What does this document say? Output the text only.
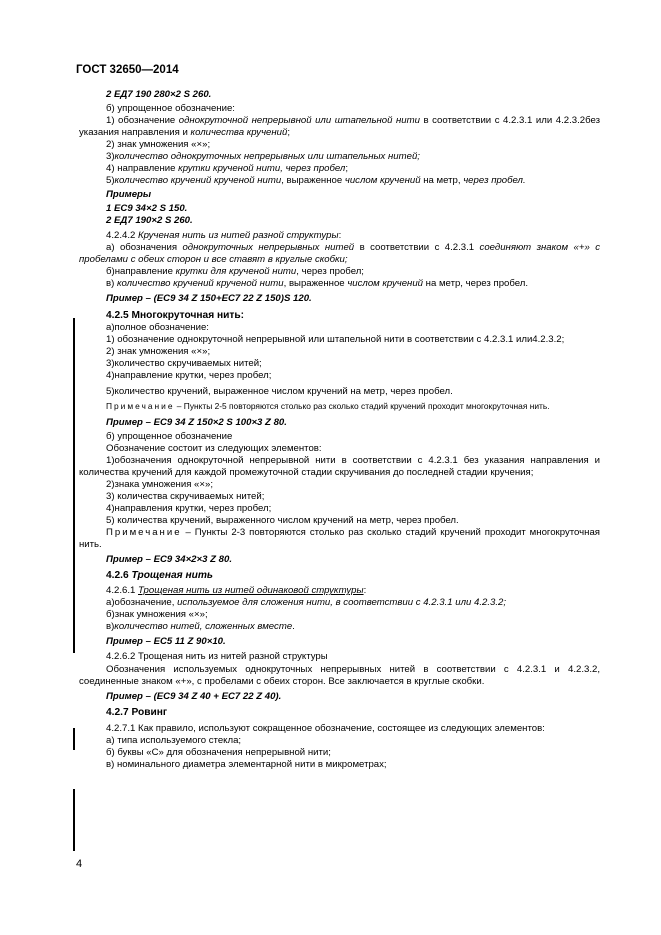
ГОСТ 32650—2014

2 ЕД7 190 280×2 S 260.

б) упрощенное обозначение:

1) обозначение однокруточной непрерывной или штапельной нити в соответствии с 4.2.3.1 или 4.2.3.2без указания направления и количества кручений;

2) знак умножения «×»;

3)количество однокруточных непрерывных или штапельных нитей;

4) направление крутки крученой нити, через пробел;

5)количество кручений крученой нити, выраженное числом кручений на метр, через пробел.

Примеры

1 ЕС9 34×2 S 150.

2 ЕД7 190×2 S 260.

4.2.4.2 Крученая нить из нитей разной структуры:

а) обозначения однокруточных непрерывных нитей в соответствии с 4.2.3.1 соединяют знаком «+» с пробелами с обеих сторон и все ставят в круглые скобки;

б)направление крутки для крученой нити, через пробел;

в) количество кручений крученой нити, выраженное числом кручений на метр, через пробел.

Пример – (ЕС9 34 Z 150+ЕС7 22 Z 150)S 120.

4.2.5 Многокруточная нить:

а)полное обозначение:

1) обозначение однокруточной непрерывной или штапельной нити в соответствии с 4.2.3.1 или4.2.3.2;

2) знак умножения «×»;

3)количество скручиваемых нитей;

4)направление крутки, через пробел;

5)количество кручений, выраженное числом кручений на метр, через пробел.

Примечание – Пункты 2-5 повторяются столько раз сколько стадий кручений проходит многокруточная нить.

Пример – ЕС9 34 Z 150×2 S 100×3 Z 80.

б) упрощенное обозначение

Обозначение состоит из следующих элементов:

1)обозначения однокруточной непрерывной нити в соответствии с 4.2.3.1 без указания направления и количества кручений для каждой промежуточной стадии скручивания до последней стадии кручения;

2)знака умножения «×»;

3) количества скручиваемых нитей;

4)направления крутки, через пробел;

5) количества кручений, выраженного числом кручений на метр, через пробел.

Примечание – Пункты 2-3 повторяются столько раз сколько стадий кручений проходит многокруточная нить.

Пример – ЕС9 34×2×3 Z 80.

4.2.6 Трощеная нить

4.2.6.1 Трощеная нить из нитей одинаковой структуры:

а)обозначение, используемое для сложения нити, в соответствии с 4.2.3.1 или 4.2.3.2;

б)знак умножения «×»;

в)количество нитей, сложенных вместе.

Пример – ЕС5 11 Z 90×10.

4.2.6.2 Трощеная нить из нитей разной структуры

Обозначения используемых однокруточных непрерывных нитей в соответствии с 4.2.3.1 и 4.2.3.2, соединенные знаком «+», с пробелами с обеих сторон. Все заключается в круглые скобки.

Пример – (ЕС9 34 Z 40 + ЕС7 22 Z 40).

4.2.7 Ровинг

4.2.7.1 Как правило, используют сокращенное обозначение, состоящее из следующих элементов:

а) типа используемого стекла;

б) буквы «С» для обозначения непрерывной нити;

в) номинального диаметра элементарной нити в микрометрах;

4
